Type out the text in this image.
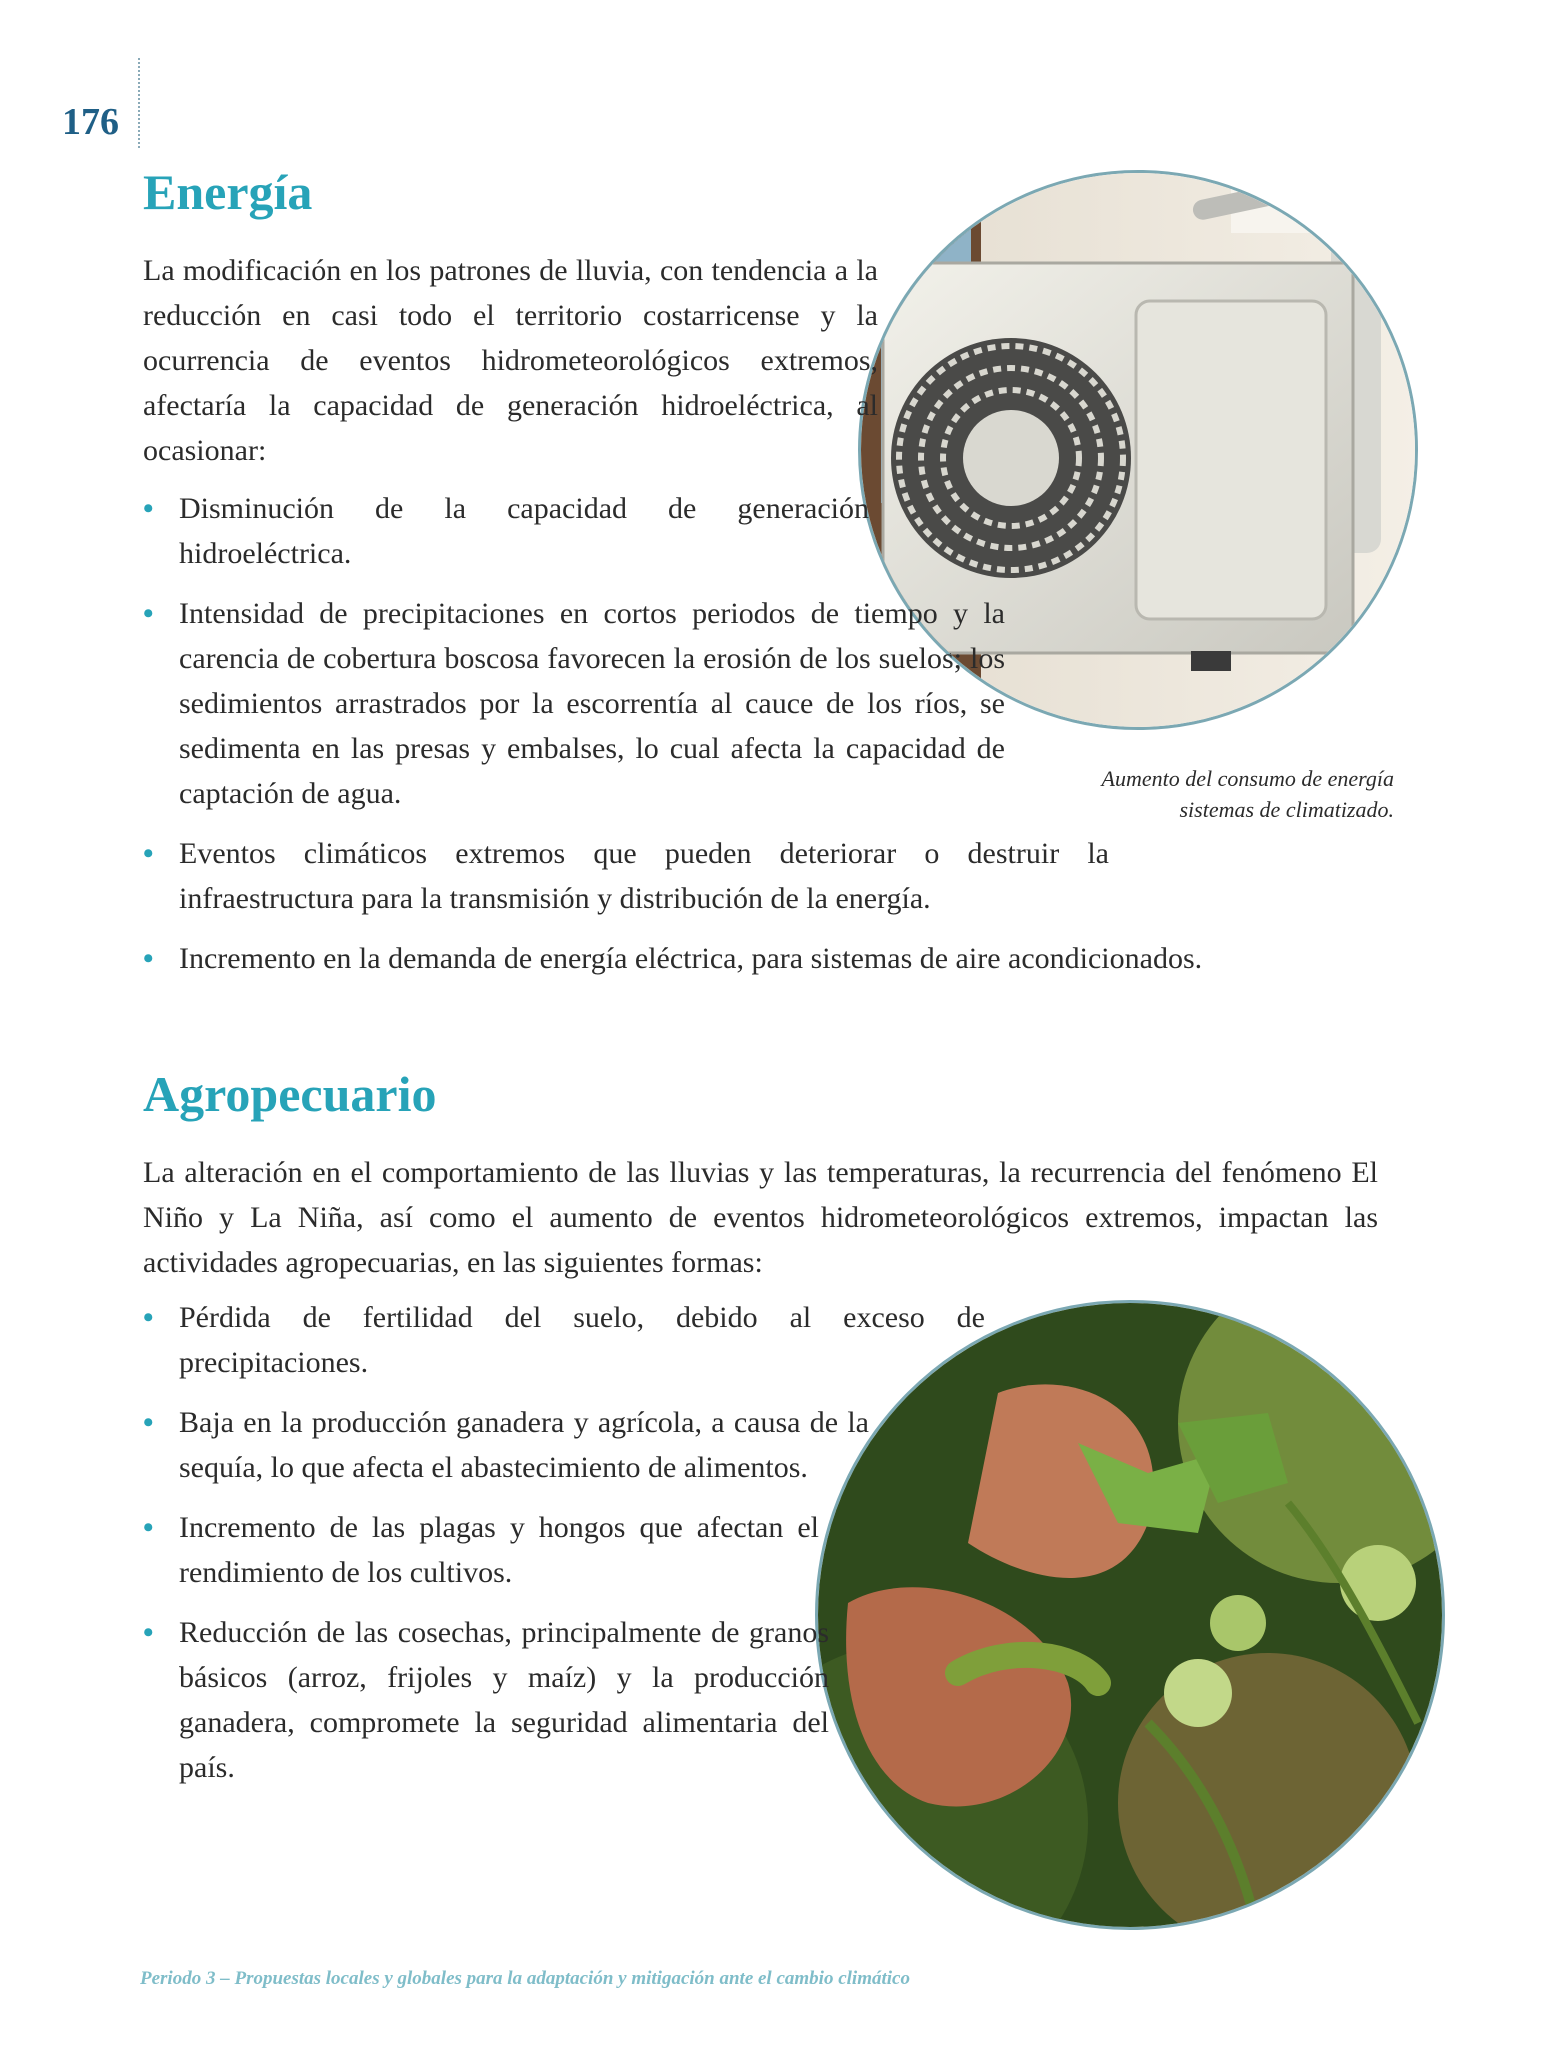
176
Energía

La modificación en los patrones de lluvia, con tendencia a la reducción en casi todo el territorio costarricense y la ocurrencia de eventos hidrometeorológicos extremos, afectaría la capacidad de generación hidroeléctrica, al ocasionar:

• Disminución de la capacidad de generación hidroeléctrica.
• Intensidad de precipitaciones en cortos periodos de tiempo y la carencia de cobertura boscosa favorecen la erosión de los suelos; los sedimientos arrastrados por la escorrentía al cauce de los ríos, se sedimenta en las presas y embalses, lo cual afecta la capacidad de captación de agua.
• Eventos climáticos extremos que pueden deteriorar o destruir la infraestructura para la transmisión y distribución de la energía.
• Incremento en la demanda de energía eléctrica, para sistemas de aire acondicionados.

Aumento del consumo de energía
sistemas de climatizado.

Agropecuario

La alteración en el comportamiento de las lluvias y las temperaturas, la recurrencia del fenómeno El Niño y La Niña, así como el aumento de eventos hidrometeorológicos extremos, impactan las actividades agropecuarias, en las siguientes formas:

• Pérdida de fertilidad del suelo, debido al exceso de precipitaciones.
• Baja en la producción ganadera y agrícola, a causa de la sequía, lo que afecta el abastecimiento de alimentos.
• Incremento de las plagas y hongos que afectan el rendimiento de los cultivos.
• Reducción de las cosechas, principalmente de granos básicos (arroz, frijoles y maíz) y la producción ganadera, compromete la seguridad alimentaria del país.

Periodo 3 – Propuestas locales y globales para la adaptación y mitigación ante el cambio climático
